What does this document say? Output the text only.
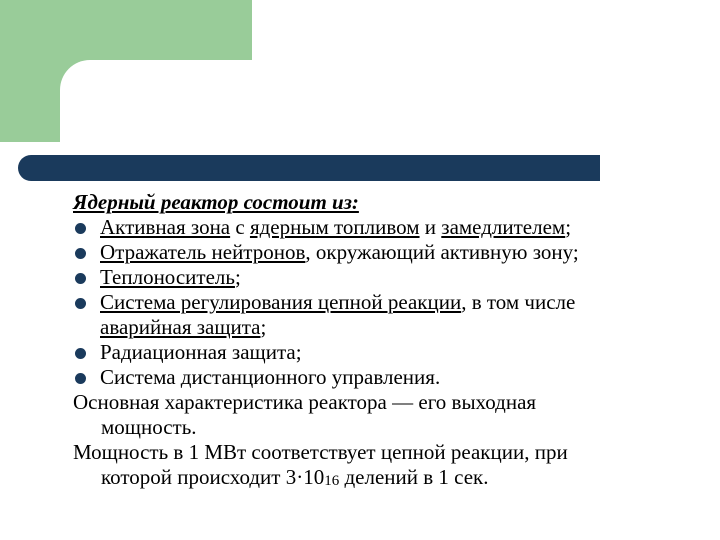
Ядерный реактор состоит из:
Активная зона с ядерным топливом и замедлителем;
Отражатель нейтронов, окружающий активную зону;
Теплоноситель;
Система регулирования цепной реакции, в том числе
аварийная защита;
Радиационная защита;
Система дистанционного управления.
Основная характеристика реактора — его выходная
мощность.
Мощность в 1 МВт соответствует цепной реакции, при
которой происходит 3·1016 делений в 1 сек.
